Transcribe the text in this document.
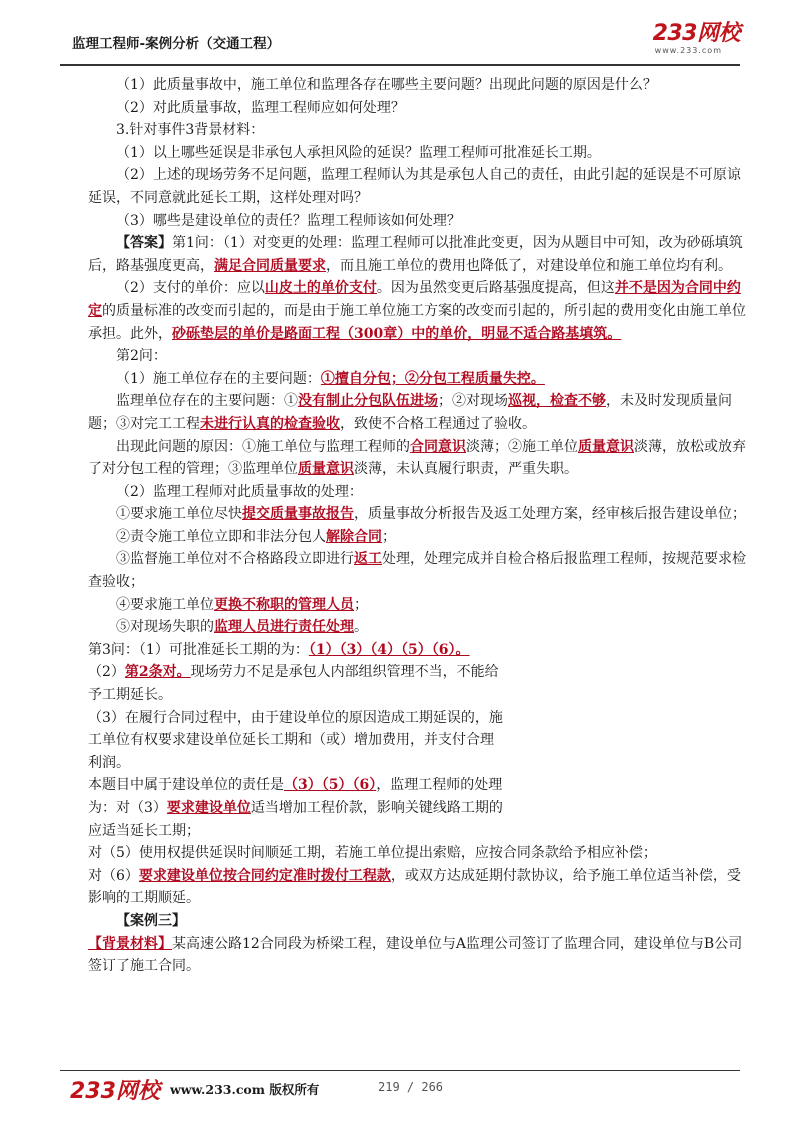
监理工程师-案例分析（交通工程）	233网校
www.233.com

（1）此质量事故中，施工单位和监理各存在哪些主要问题？出现此问题的原因是什么？

（2）对此质量事故，监理工程师应如何处理？

3.针对事件3背景材料：

（1）以上哪些延误是非承包人承担风险的延误？监理工程师可批准延长工期。

（2）上述的现场劳务不足问题，监理工程师认为其是承包人自己的责任，由此引起的延误是不可原谅延误，不同意就此延长工期，这样处理对吗？

（3）哪些是建设单位的责任？监理工程师该如何处理？

【答案】第1问：（1）对变更的处理：监理工程师可以批准此变更，因为从题目中可知，改为砂砾填筑后，路基强度更高，满足合同质量要求，而且施工单位的费用也降低了，对建设单位和施工单位均有利。

（2）支付的单价：应以山皮土的单价支付。因为虽然变更后路基强度提高，但这并不是因为合同中约定的质量标准的改变而引起的，而是由于施工单位施工方案的改变而引起的，所引起的费用变化由施工单位承担。此外，砂砾垫层的单价是路面工程（300章）中的单价，明显不适合路基填筑。

第2问：

（1）施工单位存在的主要问题：①擅自分包；②分包工程质量失控。

监理单位存在的主要问题：①没有制止分包队伍进场；②对现场巡视，检查不够，未及时发现质量问题；③对完工工程未进行认真的检查验收，致使不合格工程通过了验收。

出现此问题的原因：①施工单位与监理工程师的合同意识淡薄；②施工单位质量意识淡薄，放松或放弃了对分包工程的管理；③监理单位质量意识淡薄，未认真履行职责，严重失职。

（2）监理工程师对此质量事故的处理：

①要求施工单位尽快提交质量事故报告，质量事故分析报告及返工处理方案，经审核后报告建设单位；

②责令施工单位立即和非法分包人解除合同；

③监督施工单位对不合格路段立即进行返工处理，处理完成并自检合格后报监理工程师，按规范要求检查验收；

④要求施工单位更换不称职的管理人员；

⑤对现场失职的监理人员进行责任处理。

第3问：（1）可批准延长工期的为：（1）（3）（4）（5）（6）。

（2）第2条对。现场劳力不足是承包人内部组织管理不当，不能给予工期延长。

（3）在履行合同过程中，由于建设单位的原因造成工期延误的，施工单位有权要求建设单位延长工期和（或）增加费用，并支付合理利润。

本题目中属于建设单位的责任是（3）（5）（6），监理工程师的处理为：对（3）要求建设单位适当增加工程价款，影响关键线路工期的应适当延长工期；

对（5）使用权提供延误时间顺延工期，若施工单位提出索赔，应按合同条款给予相应补偿；

对（6）要求建设单位按合同约定准时拨付工程款，或双方达成延期付款协议，给予施工单位适当补偿，受影响的工期顺延。

【案例三】

【背景材料】某高速公路12合同段为桥梁工程，建设单位与A监理公司签订了监理合同，建设单位与B公司签订了施工合同。

233网校 www.233.com 版权所有	219 / 266
